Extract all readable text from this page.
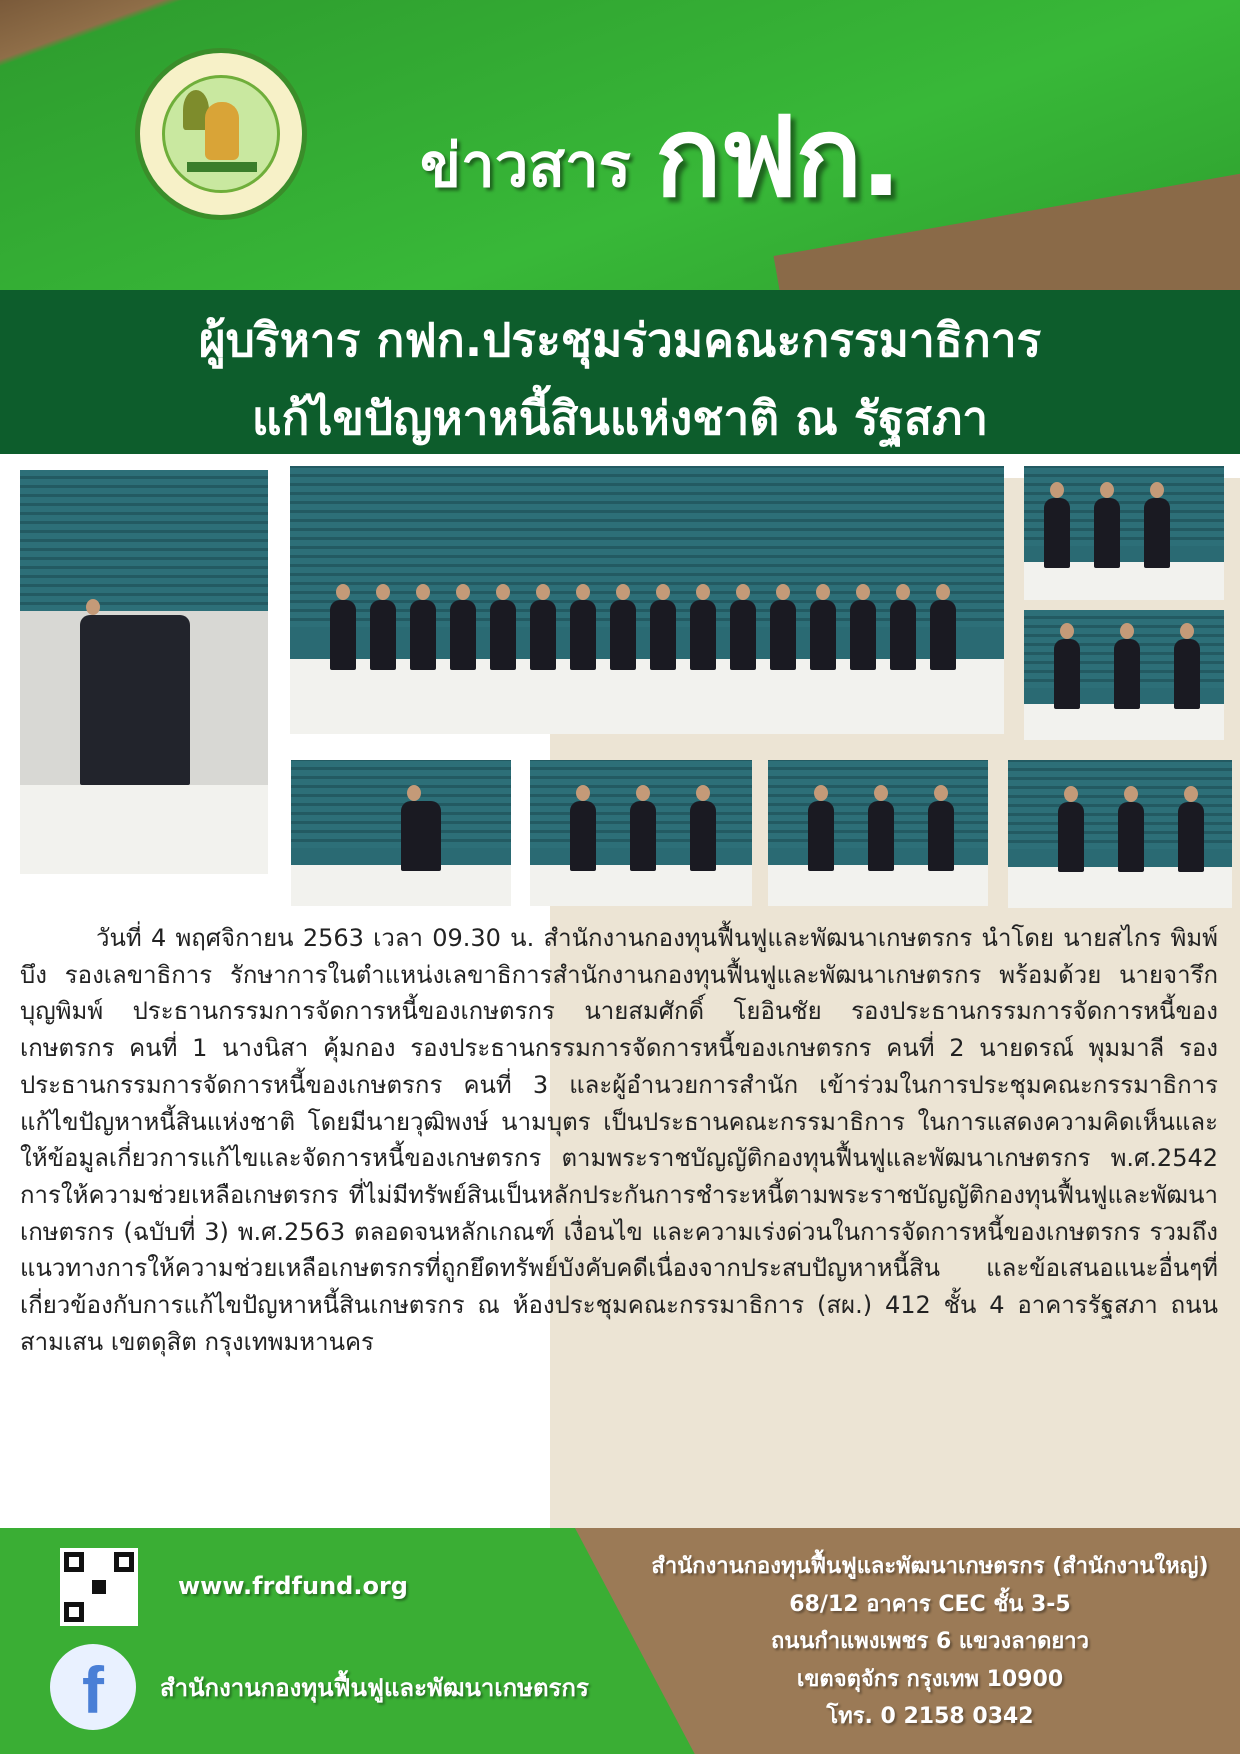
ข่าวสาร กฟก.
ผู้บริหาร กฟก.ประชุมร่วมคณะกรรมาธิการ
แก้ไขปัญหาหนี้สินแห่งชาติ ณ รัฐสภา
วันที่ 4 พฤศจิกายน 2563 เวลา 09.30 น. สำนักงานกองทุนฟื้นฟูและพัฒนาเกษตรกร นำโดย นายสไกร พิมพ์บึง รองเลขาธิการ รักษาการในตำแหน่งเลขาธิการสำนักงานกองทุนฟื้นฟูและพัฒนาเกษตรกร พร้อมด้วย นายจารึก บุญพิมพ์ ประธานกรรมการจัดการหนี้ของเกษตรกร นายสมศักดิ์ โยอินชัย รองประธานกรรมการจัดการหนี้ของเกษตรกร คนที่ 1 นางนิสา คุ้มกอง รองประธานกรรมการจัดการหนี้ของเกษตรกร คนที่ 2 นายดรณ์ พุมมาลี รองประธานกรรมการจัดการหนี้ของเกษตรกร คนที่ 3 และผู้อำนวยการสำนัก เข้าร่วมในการประชุมคณะกรรมาธิการแก้ไขปัญหาหนี้สินแห่งชาติ โดยมีนายวุฒิพงษ์ นามบุตร เป็นประธานคณะกรรมาธิการ ในการแสดงความคิดเห็นและให้ข้อมูลเกี่ยวการแก้ไขและจัดการหนี้ของเกษตรกร ตามพระราชบัญญัติกองทุนฟื้นฟูและพัฒนาเกษตรกร พ.ศ.2542 การให้ความช่วยเหลือเกษตรกร ที่ไม่มีทรัพย์สินเป็นหลักประกันการชำระหนี้ตามพระราชบัญญัติกองทุนฟื้นฟูและพัฒนาเกษตรกร (ฉบับที่ 3) พ.ศ.2563 ตลอดจนหลักเกณฑ์ เงื่อนไข และความเร่งด่วนในการจัดการหนี้ของเกษตรกร รวมถึงแนวทางการให้ความช่วยเหลือเกษตรกรที่ถูกยึดทรัพย์บังคับคดีเนื่องจากประสบปัญหาหนี้สิน และข้อเสนอแนะอื่นๆที่เกี่ยวข้องกับการแก้ไขปัญหาหนี้สินเกษตรกร ณ ห้องประชุมคณะกรรมาธิการ (สผ.) 412 ชั้น 4 อาคารรัฐสภา ถนนสามเสน เขตดุสิต กรุงเทพมหานคร
www.frdfund.org
f	สำนักงานกองทุนฟื้นฟูและพัฒนาเกษตรกร
สำนักงานกองทุนฟื้นฟูและพัฒนาเกษตรกร (สำนักงานใหญ่)
68/12 อาคาร CEC ชั้น 3-5
ถนนกำแพงเพชร 6 แขวงลาดยาว
เขตจตุจักร กรุงเทพ 10900
โทร. 0 2158 0342
